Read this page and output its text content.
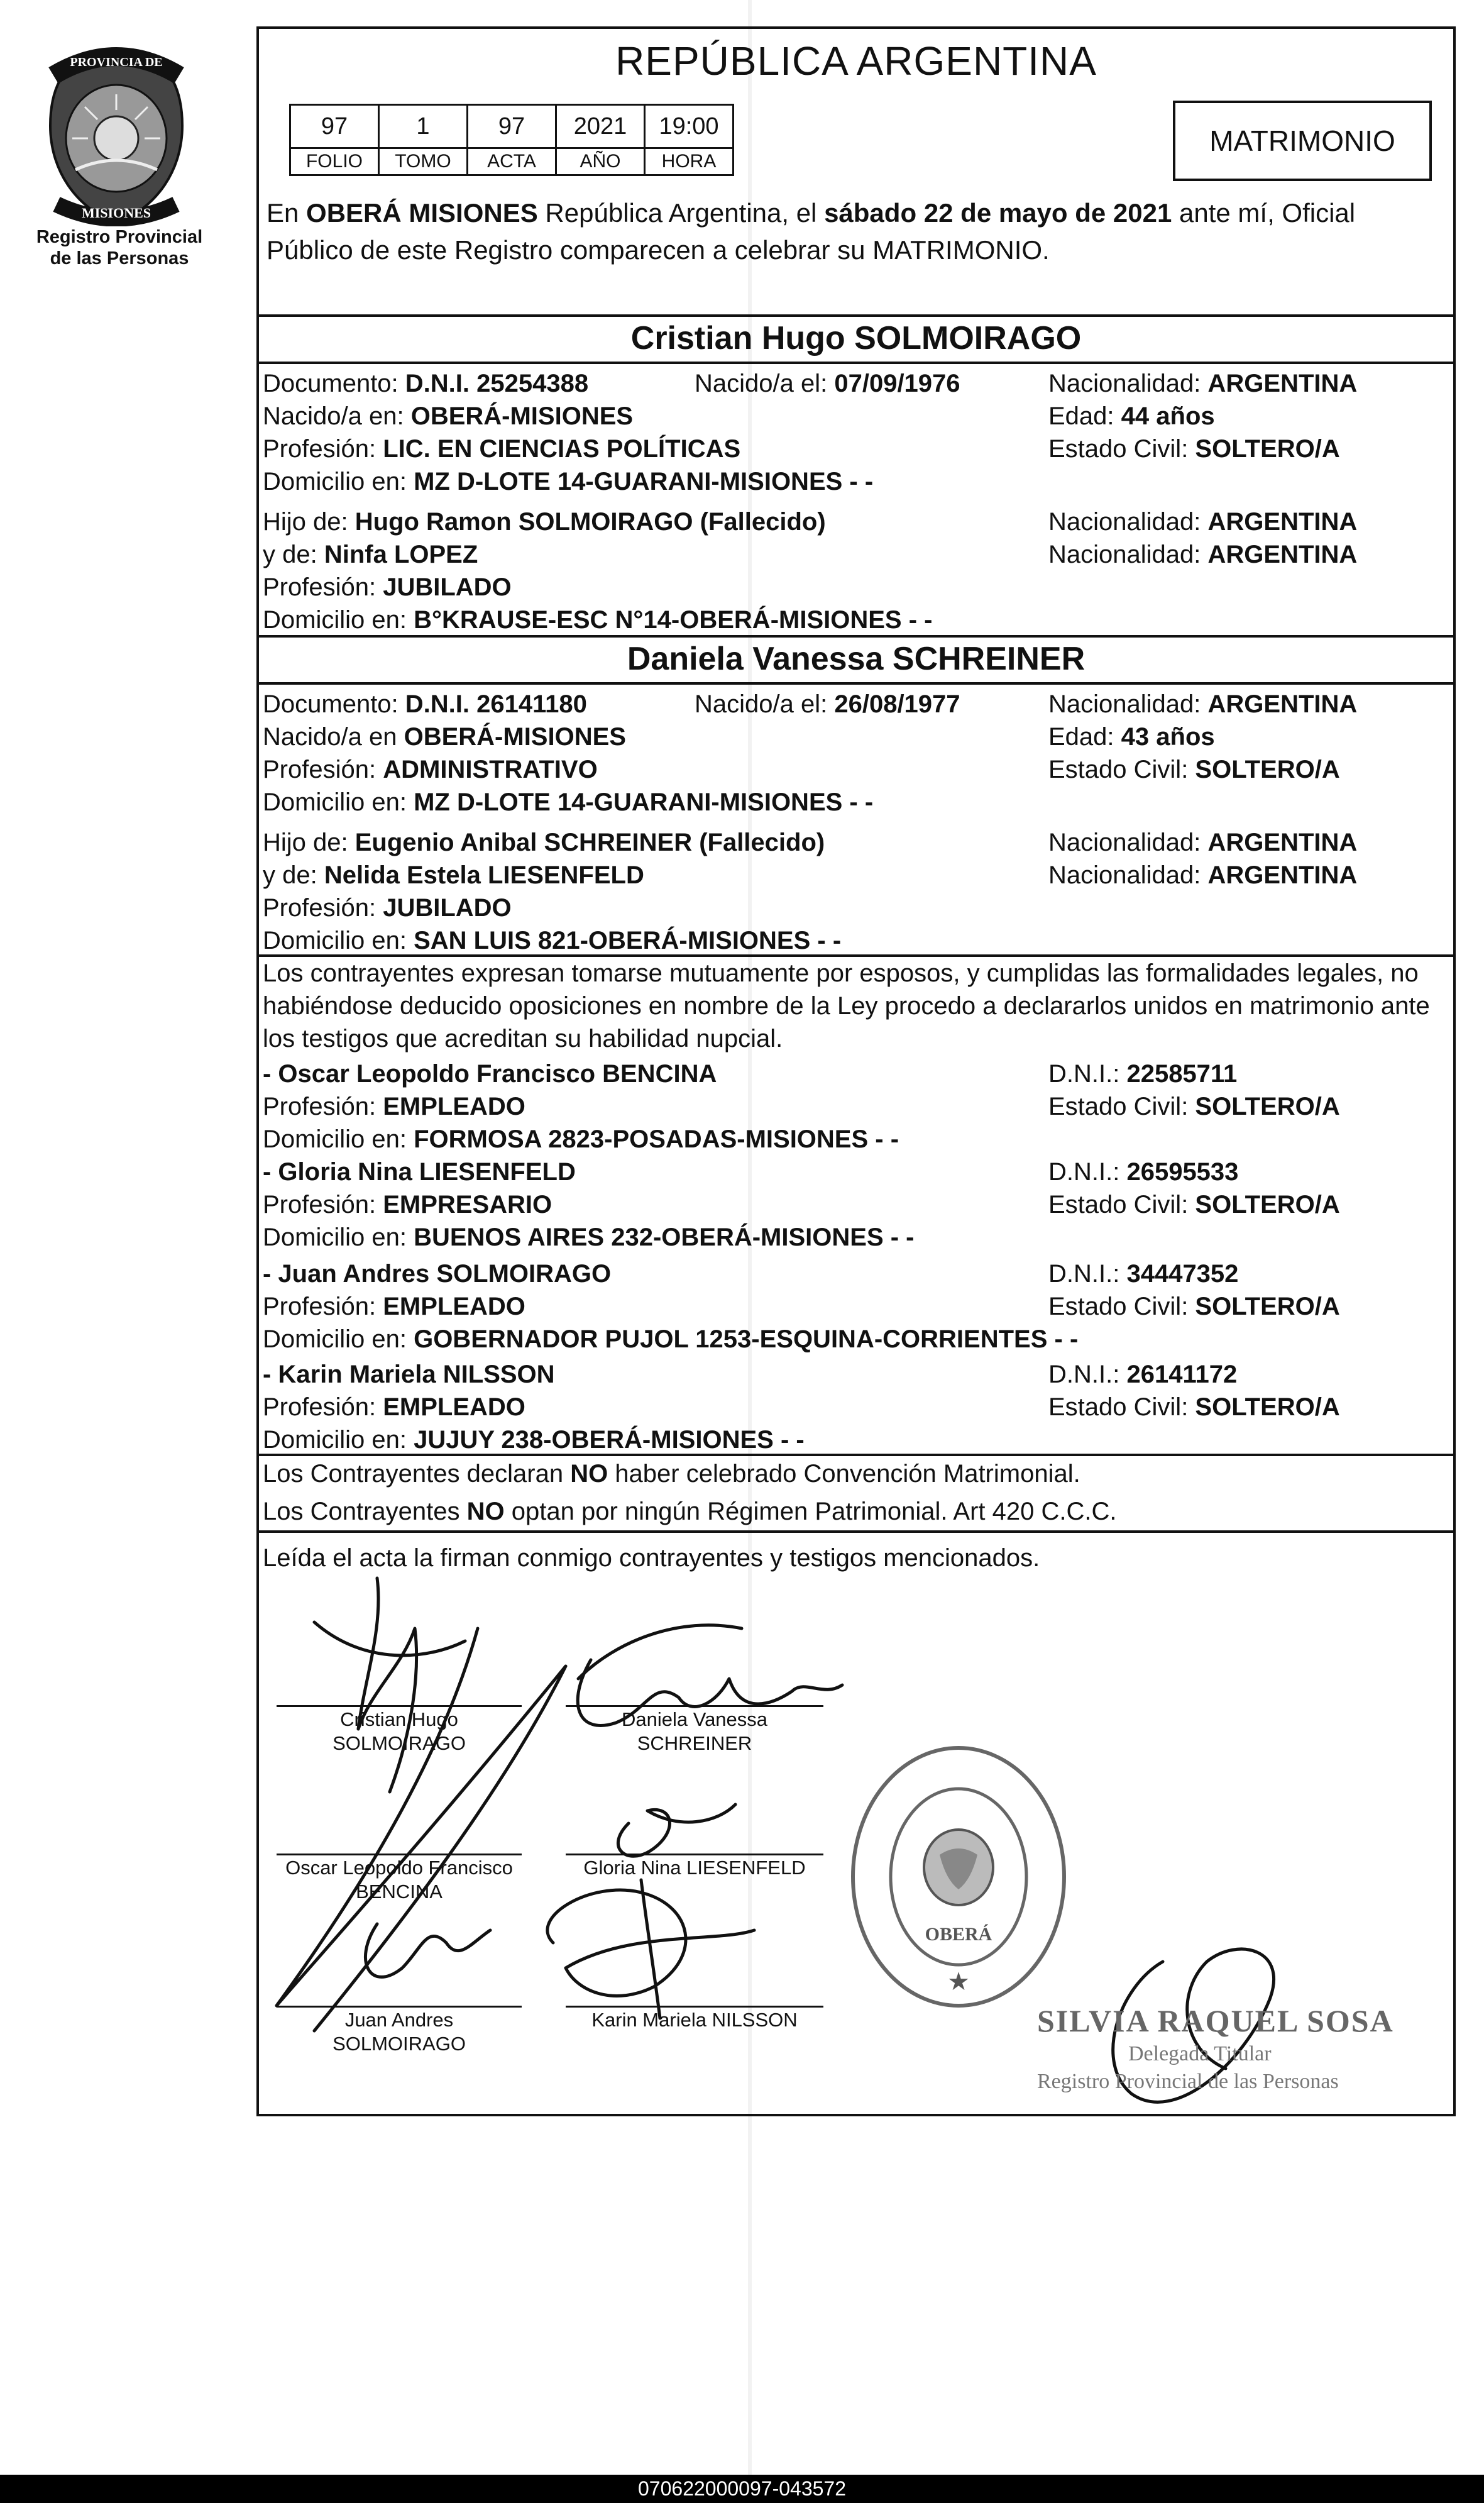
PROVINCIA DE
MISIONES
Registro Provincial
de las Personas
REPÚBLICA ARGENTINA
97	1	97	2021	19:00
FOLIO	TOMO	ACTA	AÑO	HORA
MATRIMONIO
En OBERÁ MISIONES República Argentina, el sábado 22 de mayo de 2021 ante mí, Oficial
Público de este Registro comparecen a celebrar su MATRIMONIO.
Cristian Hugo SOLMOIRAGO
Documento: D.N.I. 25254388	Nacido/a el: 07/09/1976	Nacionalidad: ARGENTINA
Nacido/a en: OBERÁ-MISIONES	Edad: 44 años
Profesión: LIC. EN CIENCIAS POLÍTICAS	Estado Civil: SOLTERO/A
Domicilio en: MZ D-LOTE 14-GUARANI-MISIONES - -
Hijo de: Hugo Ramon SOLMOIRAGO (Fallecido)	Nacionalidad: ARGENTINA
y de: Ninfa LOPEZ	Nacionalidad: ARGENTINA
Profesión: JUBILADO
Domicilio en: B°KRAUSE-ESC N°14-OBERÁ-MISIONES - -
Daniela Vanessa SCHREINER
Documento: D.N.I. 26141180	Nacido/a el: 26/08/1977	Nacionalidad: ARGENTINA
Nacido/a en OBERÁ-MISIONES	Edad: 43 años
Profesión: ADMINISTRATIVO	Estado Civil: SOLTERO/A
Domicilio en: MZ D-LOTE 14-GUARANI-MISIONES - -
Hijo de: Eugenio Anibal SCHREINER (Fallecido)	Nacionalidad: ARGENTINA
y de: Nelida Estela LIESENFELD	Nacionalidad: ARGENTINA
Profesión: JUBILADO
Domicilio en: SAN LUIS 821-OBERÁ-MISIONES - -
Los contrayentes expresan tomarse mutuamente por esposos, y cumplidas las formalidades legales, no
habiéndose deducido oposiciones en nombre de la Ley procedo a declararlos unidos en matrimonio ante
los testigos que acreditan su habilidad nupcial.
- Oscar Leopoldo Francisco BENCINA	D.N.I.: 22585711
Profesión: EMPLEADO	Estado Civil: SOLTERO/A
Domicilio en: FORMOSA 2823-POSADAS-MISIONES - -
- Gloria Nina LIESENFELD	D.N.I.: 26595533
Profesión: EMPRESARIO	Estado Civil: SOLTERO/A
Domicilio en: BUENOS AIRES 232-OBERÁ-MISIONES - -
- Juan Andres SOLMOIRAGO	D.N.I.: 34447352
Profesión: EMPLEADO	Estado Civil: SOLTERO/A
Domicilio en: GOBERNADOR PUJOL 1253-ESQUINA-CORRIENTES - -
- Karin Mariela NILSSON	D.N.I.: 26141172
Profesión: EMPLEADO	Estado Civil: SOLTERO/A
Domicilio en: JUJUY 238-OBERÁ-MISIONES - -
Los Contrayentes declaran NO haber celebrado Convención Matrimonial.
Los Contrayentes NO optan por ningún Régimen Patrimonial. Art 420 C.C.C.
Leída el acta la firman conmigo contrayentes y testigos mencionados.
Cristian Hugo
SOLMOIRAGO
Daniela Vanessa
SCHREINER
Oscar Leopoldo Francisco
BENCINA
Gloria Nina LIESENFELD
Juan Andres
SOLMOIRAGO
Karin Mariela NILSSON
★
OBERÁ
SILVIA RAQUEL SOSA
Delegada Titular
Registro Provincial de las Personas
070622000097-043572
